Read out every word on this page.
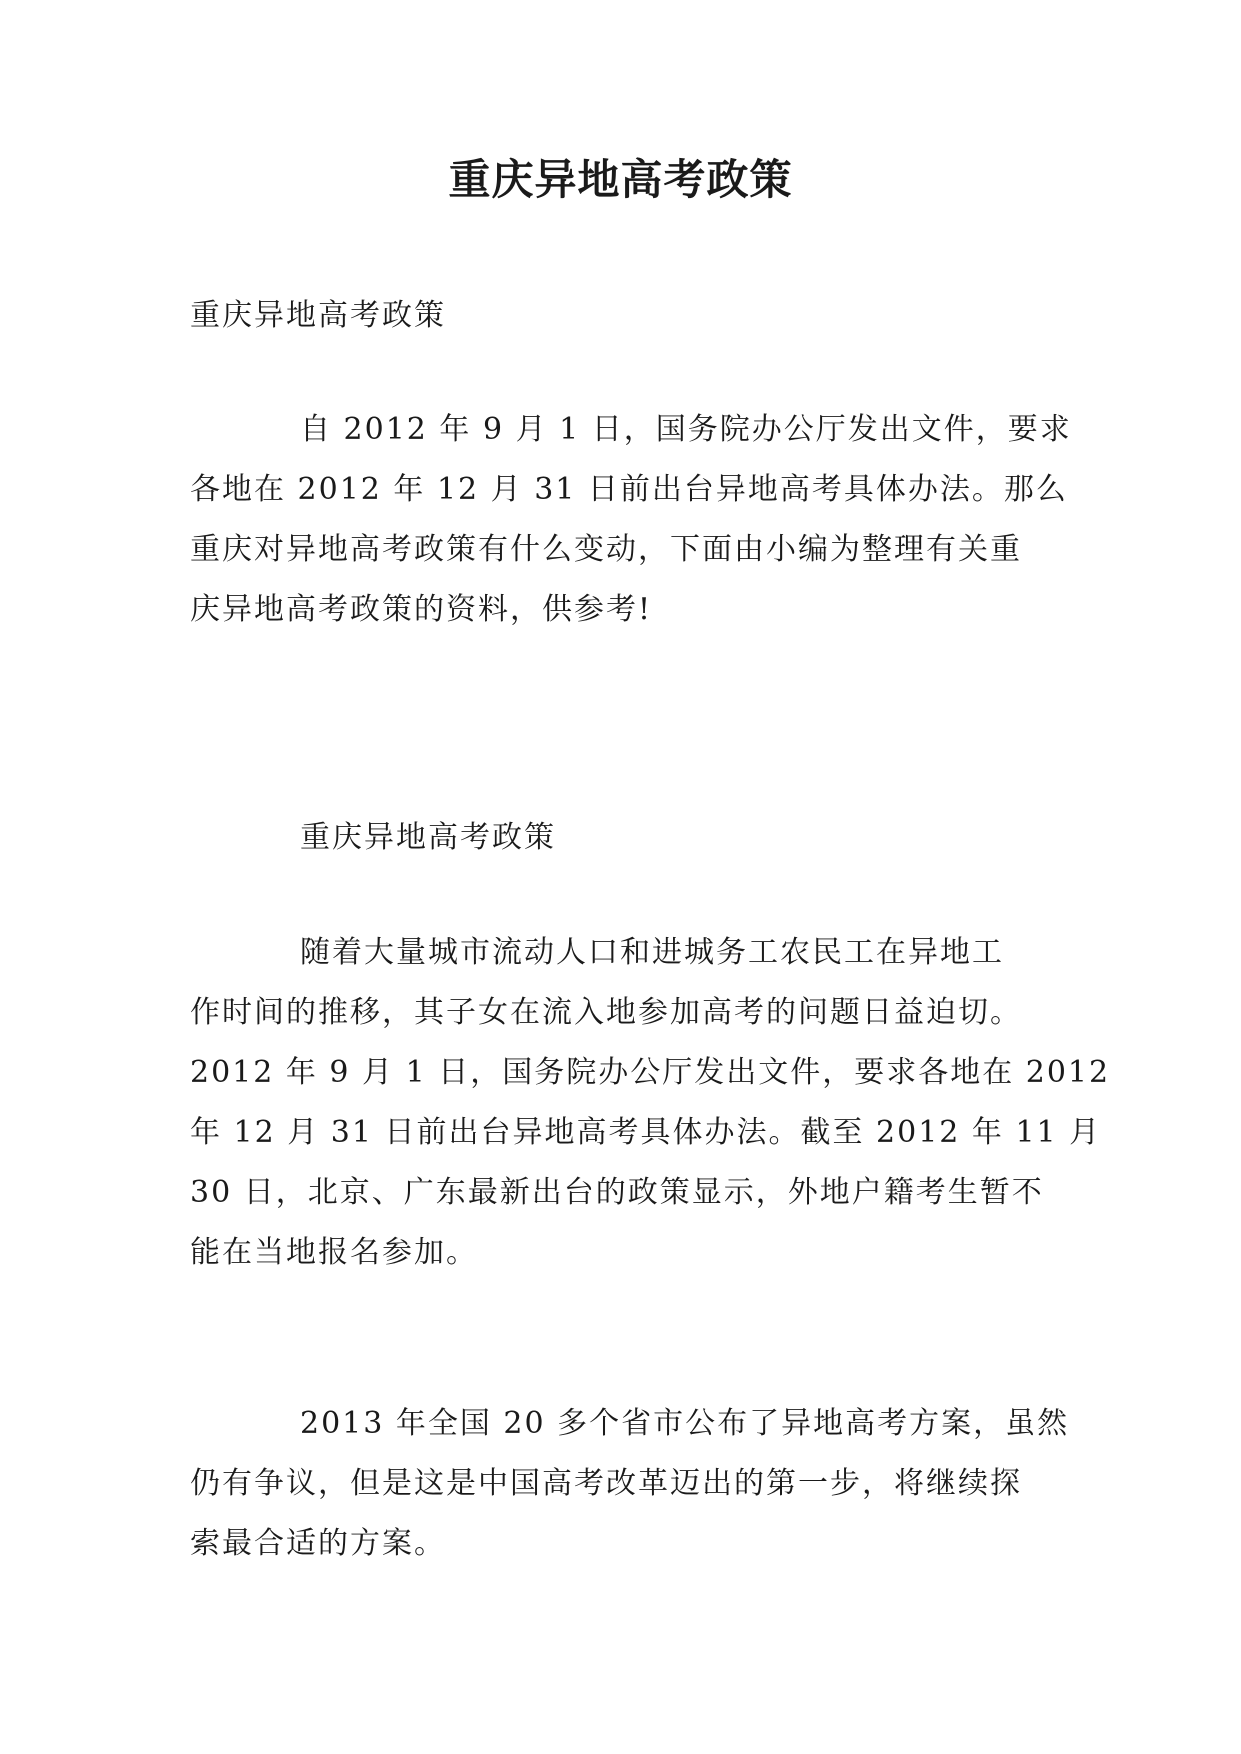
重庆异地高考政策
重庆异地高考政策
自 2012 年 9 月 1 日，国务院办公厅发出文件，要求
各地在 2012 年 12 月 31 日前出台异地高考具体办法。那么
重庆对异地高考政策有什么变动，下面由小编为整理有关重
庆异地高考政策的资料，供参考!
重庆异地高考政策
随着大量城市流动人口和进城务工农民工在异地工
作时间的推移，其子女在流入地参加高考的问题日益迫切。
2012 年 9 月 1 日，国务院办公厅发出文件，要求各地在 2012
年 12 月 31 日前出台异地高考具体办法。截至 2012 年 11 月
30 日，北京、广东最新出台的政策显示，外地户籍考生暂不
能在当地报名参加。
2013 年全国 20 多个省市公布了异地高考方案，虽然
仍有争议，但是这是中国高考改革迈出的第一步，将继续探
索最合适的方案。
